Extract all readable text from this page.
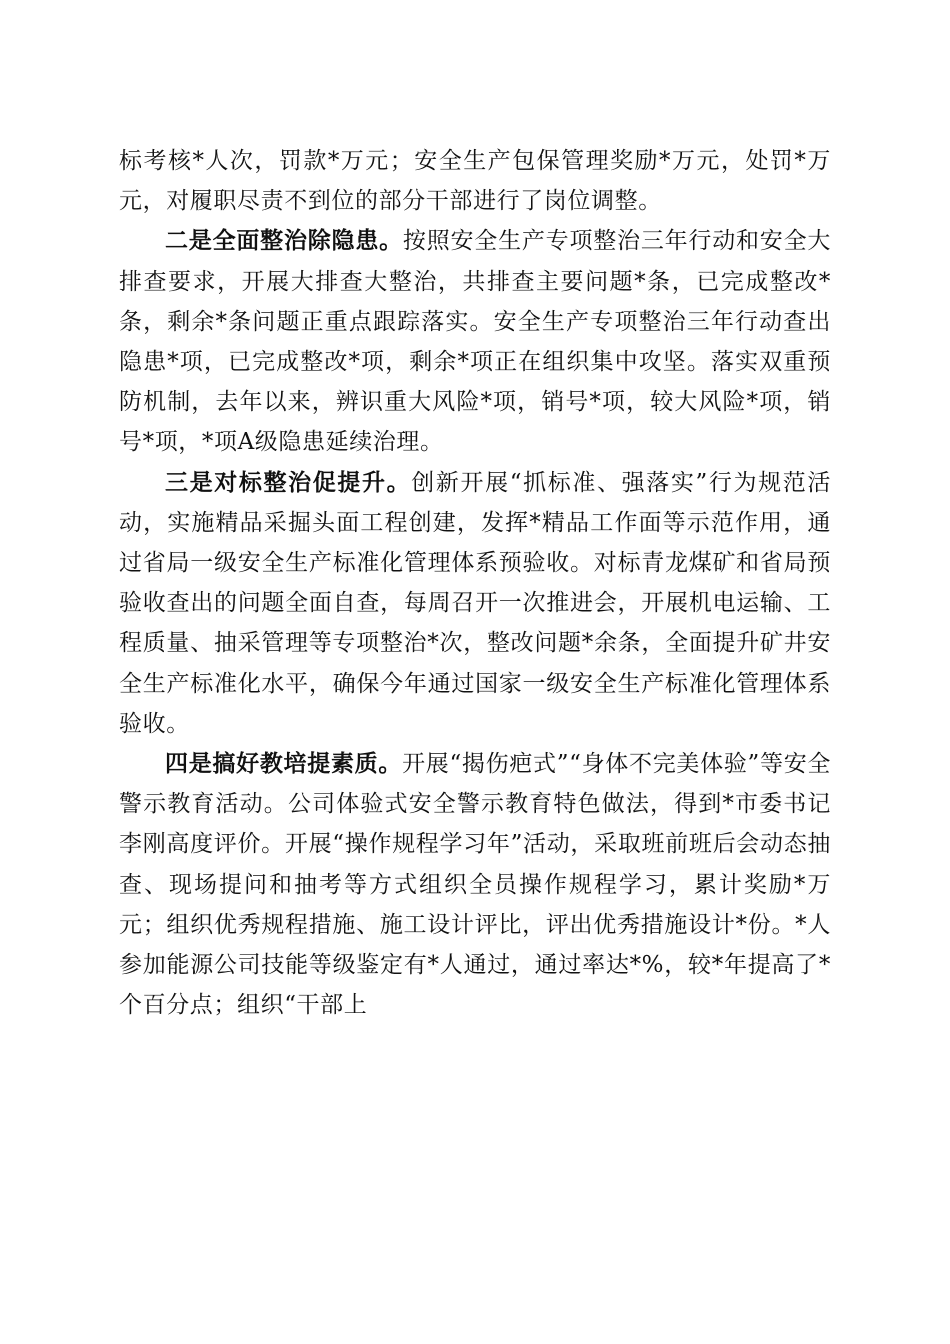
标考核*人次，罚款*万元；安全生产包保管理奖励*万元，处罚*万元，对履职尽责不到位的部分干部进行了岗位调整。

二是全面整治除隐患。按照安全生产专项整治三年行动和安全大排查要求，开展大排查大整治，共排查主要问题*条，已完成整改*条，剩余*条问题正重点跟踪落实。安全生产专项整治三年行动查出隐患*项，已完成整改*项，剩余*项正在组织集中攻坚。落实双重预防机制，去年以来，辨识重大风险*项，销号*项，较大风险*项，销号*项，*项A级隐患延续治理。

三是对标整治促提升。创新开展“抓标准、强落实”行为规范活动，实施精品采掘头面工程创建，发挥*精品工作面等示范作用，通过省局一级安全生产标准化管理体系预验收。对标青龙煤矿和省局预验收查出的问题全面自查，每周召开一次推进会，开展机电运输、工程质量、抽采管理等专项整治*次，整改问题*余条，全面提升矿井安全生产标准化水平，确保今年通过国家一级安全生产标准化管理体系验收。

四是搞好教培提素质。开展“揭伤疤式”“身体不完美体验”等安全警示教育活动。公司体验式安全警示教育特色做法，得到*市委书记李刚高度评价。开展“操作规程学习年”活动，采取班前班后会动态抽查、现场提问和抽考等方式组织全员操作规程学习，累计奖励*万元；组织优秀规程措施、施工设计评比，评出优秀措施设计*份。*人参加能源公司技能等级鉴定有*人通过，通过率达*%，较*年提高了*个百分点；组织“干部上
